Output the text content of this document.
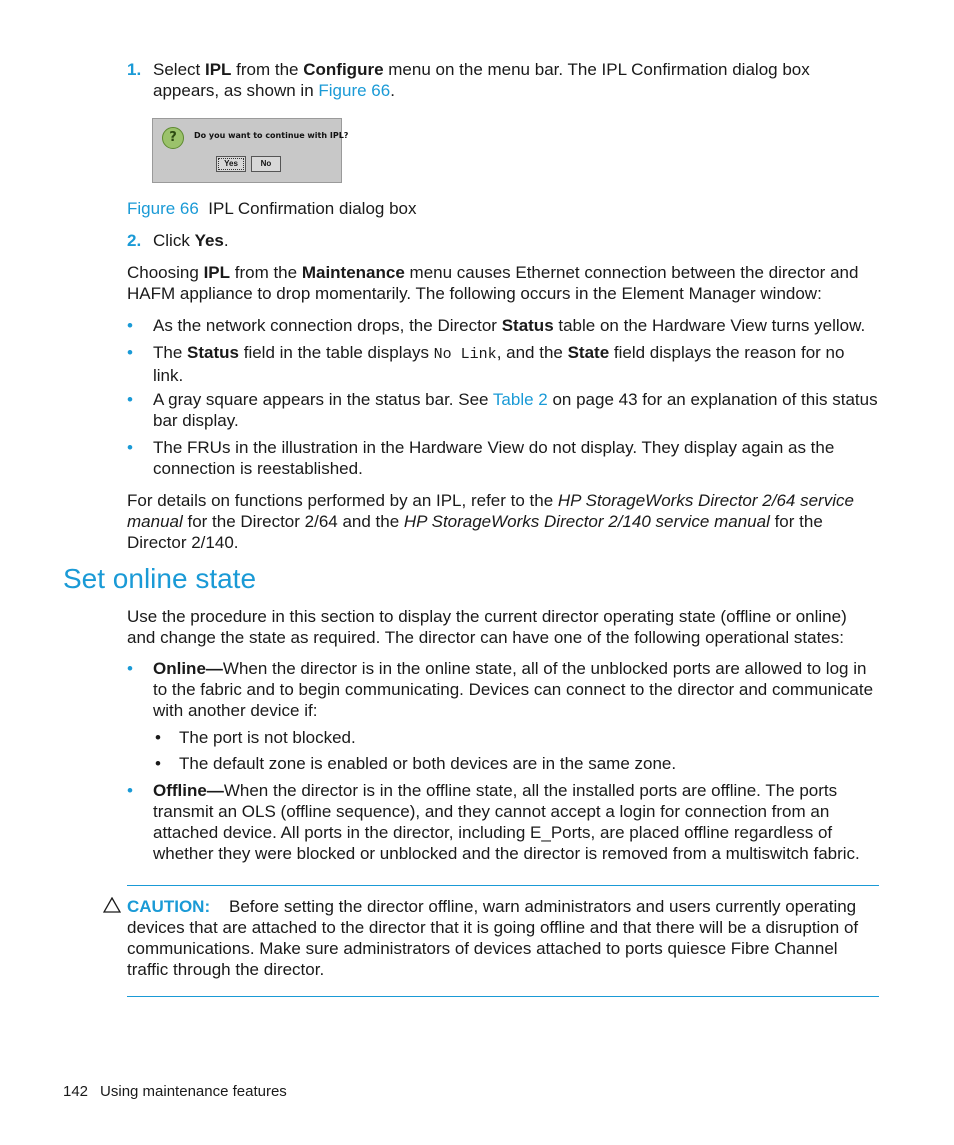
1. Select IPL from the Configure menu on the menu bar. The IPL Confirmation dialog box appears, as shown in Figure 66.
?	Do you want to continue with IPL?
Yes	No
Figure 66 IPL Confirmation dialog box
2. Click Yes.

Choosing IPL from the Maintenance menu causes Ethernet connection between the director and HAFM appliance to drop momentarily. The following occurs in the Element Manager window:

• As the network connection drops, the Director Status table on the Hardware View turns yellow.
• The Status field in the table displays No Link, and the State field displays the reason for no link.
• A gray square appears in the status bar. See Table 2 on page 43 for an explanation of this status bar display.
• The FRUs in the illustration in the Hardware View do not display. They display again as the connection is reestablished.

For details on functions performed by an IPL, refer to the HP StorageWorks Director 2/64 service manual for the Director 2/64 and the HP StorageWorks Director 2/140 service manual for the Director 2/140.

Set online state

Use the procedure in this section to display the current director operating state (offline or online) and change the state as required. The director can have one of the following operational states:

• Online—When the director is in the online state, all of the unblocked ports are allowed to log in to the fabric and to begin communicating. Devices can connect to the director and communicate with another device if:
• The port is not blocked.
• The default zone is enabled or both devices are in the same zone.
• Offline—When the director is in the offline state, all the installed ports are offline. The ports transmit an OLS (offline sequence), and they cannot accept a login for connection from an attached device. All ports in the director, including E_Ports, are placed offline regardless of whether they were blocked or unblocked and the director is removed from a multiswitch fabric.

CAUTION: Before setting the director offline, warn administrators and users currently operating devices that are attached to the director that it is going offline and that there will be a disruption of communications. Make sure administrators of devices attached to ports quiesce Fibre Channel traffic through the director.

142 Using maintenance features
